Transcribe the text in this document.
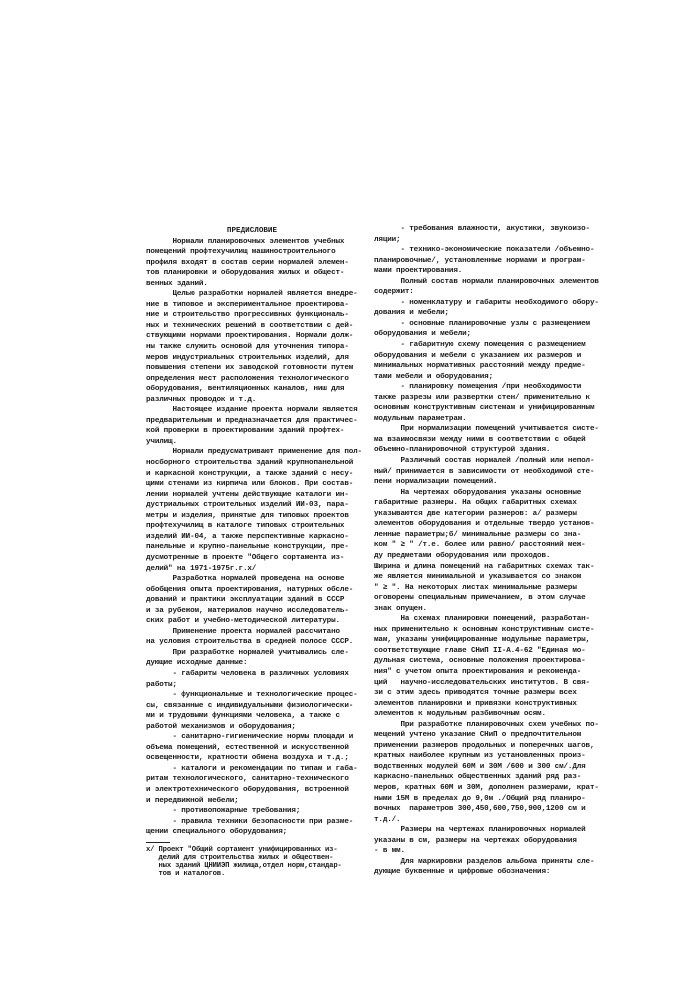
ПРЕДИСЛОВИЕ
Нормали планировочных элементов учебных
помещений профтехучилищ машиностроительного
профиля входят в состав серии нормалей элемен-
тов планировки и оборудования жилых и общест-
венных зданий.
Целью разработки нормалей является внедре-
ние в типовое и экспериментальное проектирова-
ние и строительство прогрессивных функциональ-
ных и технических решений в соответствии с дей-
ствующими нормами проектирования. Нормали долж-
ны также служить основой для уточнения типора-
меров индустриальных строительных изделий, для
повышения степени их заводской готовности путем
определения мест расположения технологического
оборудования, вентиляционных каналов, ниш для
различных проводок и т.д.
Настоящее издание проекта нормали является
предварительным и предназначается для практичес-
кой проверки в проектировании зданий профтех-
училищ.
Нормали предусматривают применение для пол-
носборного строительства зданий крупнопанельной
и каркасной конструкции, а также зданий с несу-
щими стенами из кирпича или блоков. При состав-
лении нормалей учтены действующие каталоги ин-
дустриальных строительных изделий ИИ-03, пара-
метры и изделия, принятые для типовых проектов
профтехучилищ в каталоге типовых строительных
изделий ИИ-04, а также перспективные каркасно-
панельные и крупно-панельные конструкции, пре-
дусмотренные в проекте "Общего сортамента из-
делий" на 1971-1975г.г.x/
Разработка нормалей проведена на основе
обобщения опыта проектирования, натурных обсле-
дований и практики эксплуатации зданий в СССР
и за рубежом, материалов научно исследователь-
ских работ и учебно-методической литературы.
Применение проекта нормалей рассчитано
на условия строительства в средней полосе СССР.
При разработке нормалей учитывались сле-
дующие исходные данные:
- габариты человека в различных условиях
работы;
- функциональные и технологические процес-
сы, связанные с индивидуальными физиологически-
ми и трудовыми функциями человека, а также с
работой механизмов и оборудования;
- санитарно-гигиенические нормы площади и
объема помещений, естественной и искусственной
освещенности, кратности обмена воздуха и т.д.;
- каталоги и рекомендации по типам и габа-
ритам технологического, санитарно-технического
и электротехнического оборудования, встроенной
и передвижной мебели;
- противопожарные требования;
- правила техники безопасности при разме-
щении специального оборудования;
x/ Проект "Общий сортамент унифицированных из-
делий для строительства жилых и обществен-
ных зданий ЦНИИЭП жилища,отдел норм,стандар-
тов и каталогов.
- требования влажности, акустики, звукоизо-
ляции;
- технико-экономические показатели /объемно-
планировочные/, установленные нормами и програм-
мами проектирования.
Полный состав нормали планировочных элементов
содержит:
- номенклатуру и габариты необходимого обору-
дования и мебели;
- основные планировочные узлы с размещением
оборудования и мебели;
- габаритную схему помещения с размещением
оборудования и мебели с указанием их размеров и
минимальных нормативных расстояний между предме-
тами мебели и оборудования;
- планировку помещения /при необходимости
также разрезы или развертки стен/ применительно к
основным конструктивным системам и унифицированным
модульным параметрам.
При нормализации помещений учитывается систе-
ма взаимосвязи между ними в соответствии с общей
объемно-планировочной структурой здания.
Различный состав нормалей /полный или непол-
ный/ принимается в зависимости от необходимой сте-
пени нормализации помещений.
На чертежах оборудования указаны основные
габаритные размеры. На общих габаритных схемах
указываются две категории размеров: а/ размеры
элементов оборудования и отдельные твердо установ-
ленные параметры;б/ минимальные размеры со зна-
ком " ≥ " /т.е. более или равно/ расстояний меж-
ду предметами оборудования или проходов.
Ширина и длина помещений на габаритных схемах так-
же является минимальной и указывается со знаком
" ≥ ". На некоторых листах минимальные размеры
оговорены специальным примечанием, в этом случае
знак опущен.
На схемах планировки помещений, разработан-
ных применительно к основным конструктивным систе-
мам, указаны унифицированные модульные параметры,
соответствующие главе СНиП II-А.4-62 "Единая мо-
дульная система, основные положения проектирова-
ния" с учетом опыта проектирования и рекоменда-
ций   научно-исследовательских институтов. В свя-
зи с этим здесь приводятся точные размеры всех
элементов планировки и привязки конструктивных
элементов к модульным разбивочным осям.
При разработке планировочных схем учебных по-
мещений учтено указание СНиП о предпочтительном
применении размеров продольных и поперечных шагов,
кратных наиболее крупным из установленных произ-
водственных модулей 60М и 30М /600 и 300 см/.Для
каркасно-панельных общественных зданий ряд раз-
меров, кратных 60М и 30М, дополнен размерами, крат-
ными 15М в пределах до 9,0м ./Общий ряд планиро-
вочных  параметров 300,450,600,750,900,1200 см и
т.д./.
Размеры на чертежах планировочных нормалей
указаны в см, размеры на чертежах оборудования
- в мм.
Для маркировки разделов альбома приняты сле-
дующие буквенные и цифровые обозначения:
